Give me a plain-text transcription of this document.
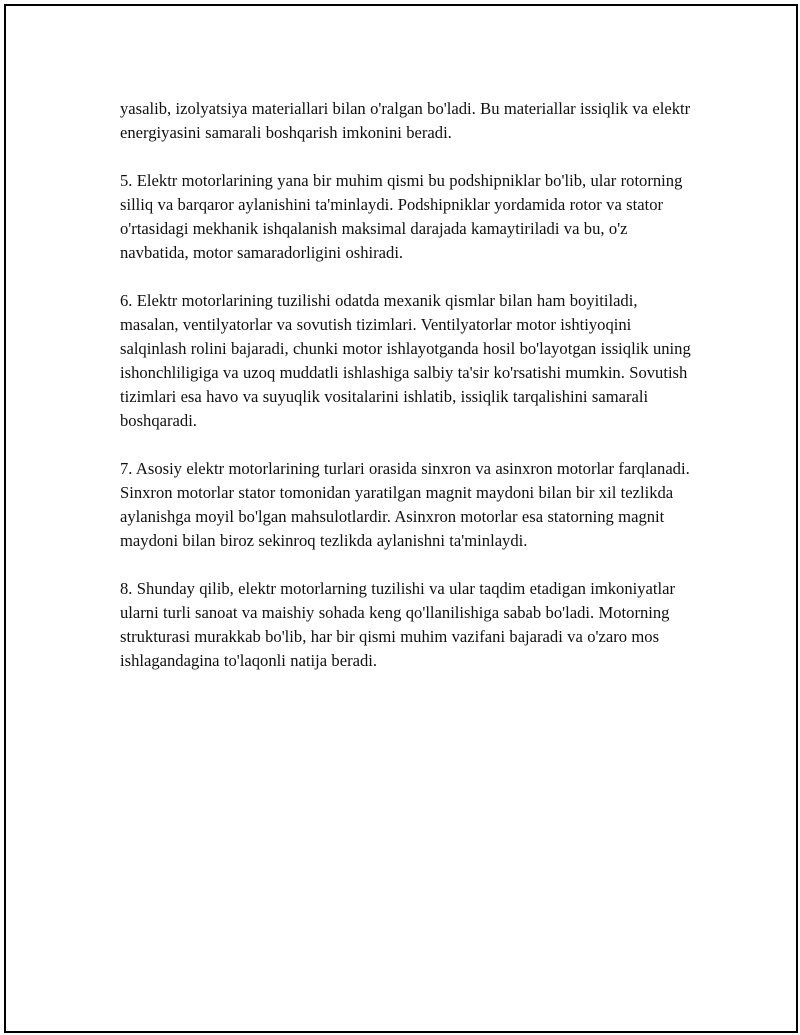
yasalib, izolyatsiya materiallari bilan o'ralgan bo'ladi. Bu materiallar issiqlik va elektr energiyasini samarali boshqarish imkonini beradi.

5. Elektr motorlarining yana bir muhim qismi bu podshipniklar bo'lib, ular rotorning silliq va barqaror aylanishini ta'minlaydi. Podshipniklar yordamida rotor va stator o'rtasidagi mekhanik ishqalanish maksimal darajada kamaytiriladi va bu, o'z navbatida, motor samaradorligini oshiradi.

6. Elektr motorlarining tuzilishi odatda mexanik qismlar bilan ham boyitiladi, masalan, ventilyatorlar va sovutish tizimlari. Ventilyatorlar motor ishtiyoqini salqinlash rolini bajaradi, chunki motor ishlayotganda hosil bo'layotgan issiqlik uning ishonchliligiga va uzoq muddatli ishlashiga salbiy ta'sir ko'rsatishi mumkin. Sovutish tizimlari esa havo va suyuqlik vositalarini ishlatib, issiqlik tarqalishini samarali boshqaradi.

7. Asosiy elektr motorlarining turlari orasida sinxron va asinxron motorlar farqlanadi. Sinxron motorlar stator tomonidan yaratilgan magnit maydoni bilan bir xil tezlikda aylanishga moyil bo'lgan mahsulotlardir. Asinxron motorlar esa statorning magnit maydoni bilan biroz sekinroq tezlikda aylanishni ta'minlaydi.

8. Shunday qilib, elektr motorlarning tuzilishi va ular taqdim etadigan imkoniyatlar ularni turli sanoat va maishiy sohada keng qo'llanilishiga sabab bo'ladi. Motorning strukturasi murakkab bo'lib, har bir qismi muhim vazifani bajaradi va o'zaro mos ishlagandagina to'laqonli natija beradi.
